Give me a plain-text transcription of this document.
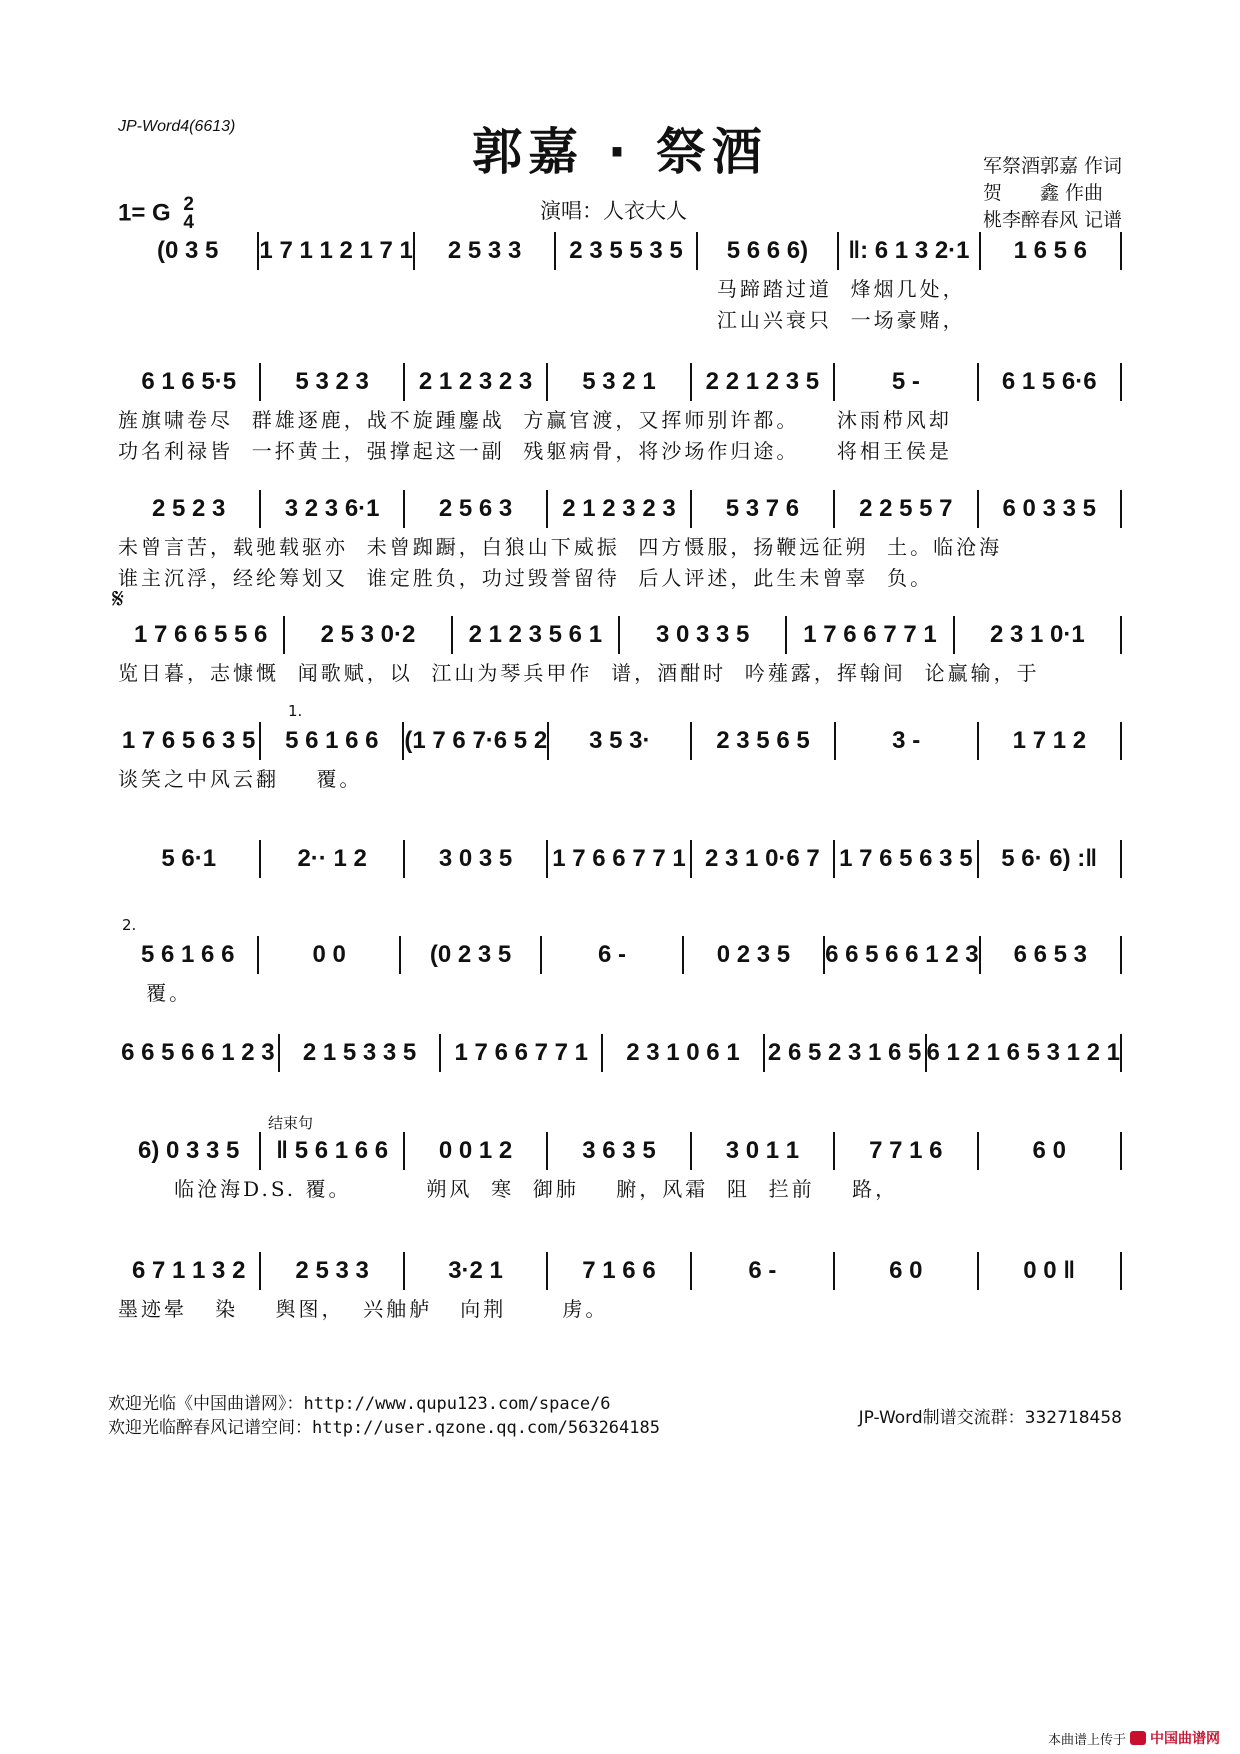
JP-Word4(6613)	郭嘉 · 祭酒
1= G 2
4	演唱：人衣大人
军祭酒郭嘉 作词
贺　　鑫 作曲
桃李醉春风 记谱
(0 3 5	1 7 1 1 2 1 7 1	2 5 3 3	2 3 5 5 3 5	5 6 6 6)	‖: 6 1 3 2·1	1 6 5 6
马蹄踏过道  烽烟几处，
江山兴衰只  一场豪赌，
6 1 6 5·5	5 3 2 3	2 1 2 3 2 3	5 3 2 1	2 2 1 2 3 5	5 -	6 1 5 6·6
旌旗啸卷尽  群雄逐鹿，战不旋踵鏖战  方赢官渡，又挥师别许都。    沐雨栉风却
功名利禄皆  一抔黄土，强撑起这一副  残躯病骨，将沙场作归途。    将相王侯是
2 5 2 3	3 2 3 6·1	2 5 6 3	2 1 2 3 2 3	5 3 7 6	2 2 5 5 7	6 0 3 3 5
未曾言苦，载驰载驱亦  未曾踟蹰，白狼山下威振  四方慑服，扬鞭远征朔  土。临沧海
谁主沉浮，经纶筹划又  谁定胜负，功过毁誉留待  后人评述，此生未曾辜  负。
𝄋
1 7 6 6 5 5 6	2 5 3 0·2	2 1 2 3 5 6 1	3 0 3 3 5	1 7 6 6 7 7 1	2 3 1 0·1
览日暮，志慷慨  闻歌赋，以  江山为琴兵甲作  谱，酒酣时  吟薤露，挥翰间  论赢输，于
1.
1 7 6 5 6 3 5	5 6 1 6 6	(1 7 6 7·6 5 2	3 5 3·	2 3 5 6 5	3 -	1 7 1 2
谈笑之中风云翻    覆。
5 6·1	2·· 1 2	3 0 3 5	1 7 6 6 7 7 1 2 3 1 0·6 7 1 7 6 5 6 3 5	5 6· 6) :‖
2.
5 6 1 6 6	0 0	(0 2 3 5	6 -	0 2 3 5	6 6 5 6 6 1 2 3	6 6 5 3
覆。
6 6 5 6 6 1 2 3	2 1 5 3 3 5	1 7 6 6 7 7 1	2 3 1 0 6 1	2 6 5 2 3 1 6 5 6 1 2 1 6 5 3 1 2 1
结束句
6) 0 3 3 5	‖ 5 6 1 6 6	0 0 1 2	3 6 3 5	3 0 1 1	7 7 1 6	6 0
临沧海D.S. 覆。        朔风  寒  御肺    腑，风霜  阻  拦前    路，
6 7 1 1 3 2	2 5 3 3	3·2 1	7 1 6 6	6 -	6 0	0 0 ‖
墨迹晕   染    舆图，  兴舳舻   向荆      虏。
欢迎光临《中国曲谱网》：http://www.qupu123.com/space/6
欢迎光临醉春风记谱空间：http://user.qzone.qq.com/563264185	JP-Word制谱交流群：332718458
本曲谱上传于 中国曲谱网
